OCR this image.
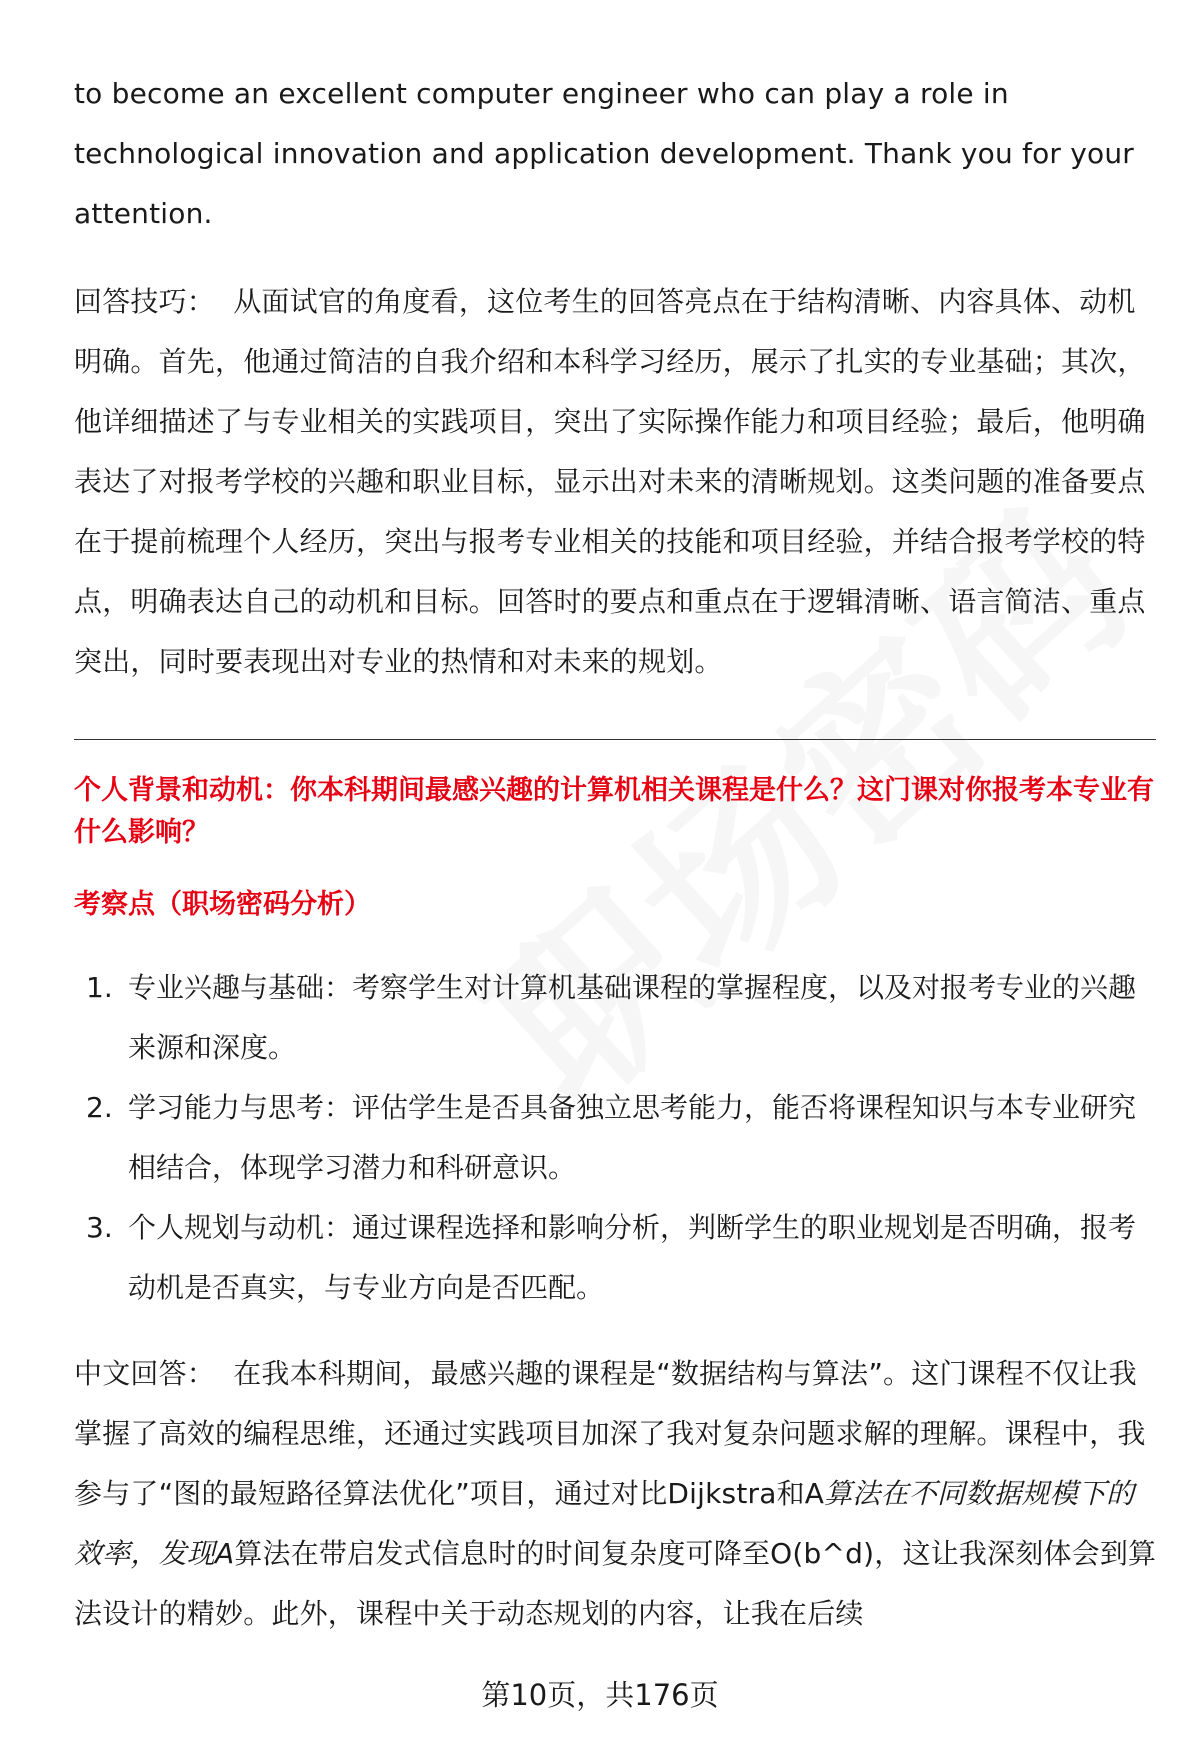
to become an excellent computer engineer who can play a role in technological innovation and application development. Thank you for your attention.

回答技巧： 从面试官的角度看，这位考生的回答亮点在于结构清晰、内容具体、动机明确。首先，他通过简洁的自我介绍和本科学习经历，展示了扎实的专业基础；其次，他详细描述了与专业相关的实践项目，突出了实际操作能力和项目经验；最后，他明确表达了对报考学校的兴趣和职业目标，显示出对未来的清晰规划。这类问题的准备要点在于提前梳理个人经历，突出与报考专业相关的技能和项目经验，并结合报考学校的特点，明确表达自己的动机和目标。回答时的要点和重点在于逻辑清晰、语言简洁、重点突出，同时要表现出对专业的热情和对未来的规划。

个人背景和动机：你本科期间最感兴趣的计算机相关课程是什么？这门课对你报考本专业有什么影响？

考察点（职场密码分析）

1. 专业兴趣与基础：考察学生对计算机基础课程的掌握程度，以及对报考专业的兴趣来源和深度。
2. 学习能力与思考：评估学生是否具备独立思考能力，能否将课程知识与本专业研究相结合，体现学习潜力和科研意识。
3. 个人规划与动机：通过课程选择和影响分析，判断学生的职业规划是否明确，报考动机是否真实，与专业方向是否匹配。

中文回答： 在我本科期间，最感兴趣的课程是“数据结构与算法”。这门课程不仅让我掌握了高效的编程思维，还通过实践项目加深了我对复杂问题求解的理解。课程中，我参与了“图的最短路径算法优化”项目，通过对比Dijkstra和A算法在不同数据规模下的效率，发现A算法在带启发式信息时的时间复杂度可降至O(b^d)，这让我深刻体会到算法设计的精妙。此外，课程中关于动态规划的内容，让我在后续

第10页，共176页
